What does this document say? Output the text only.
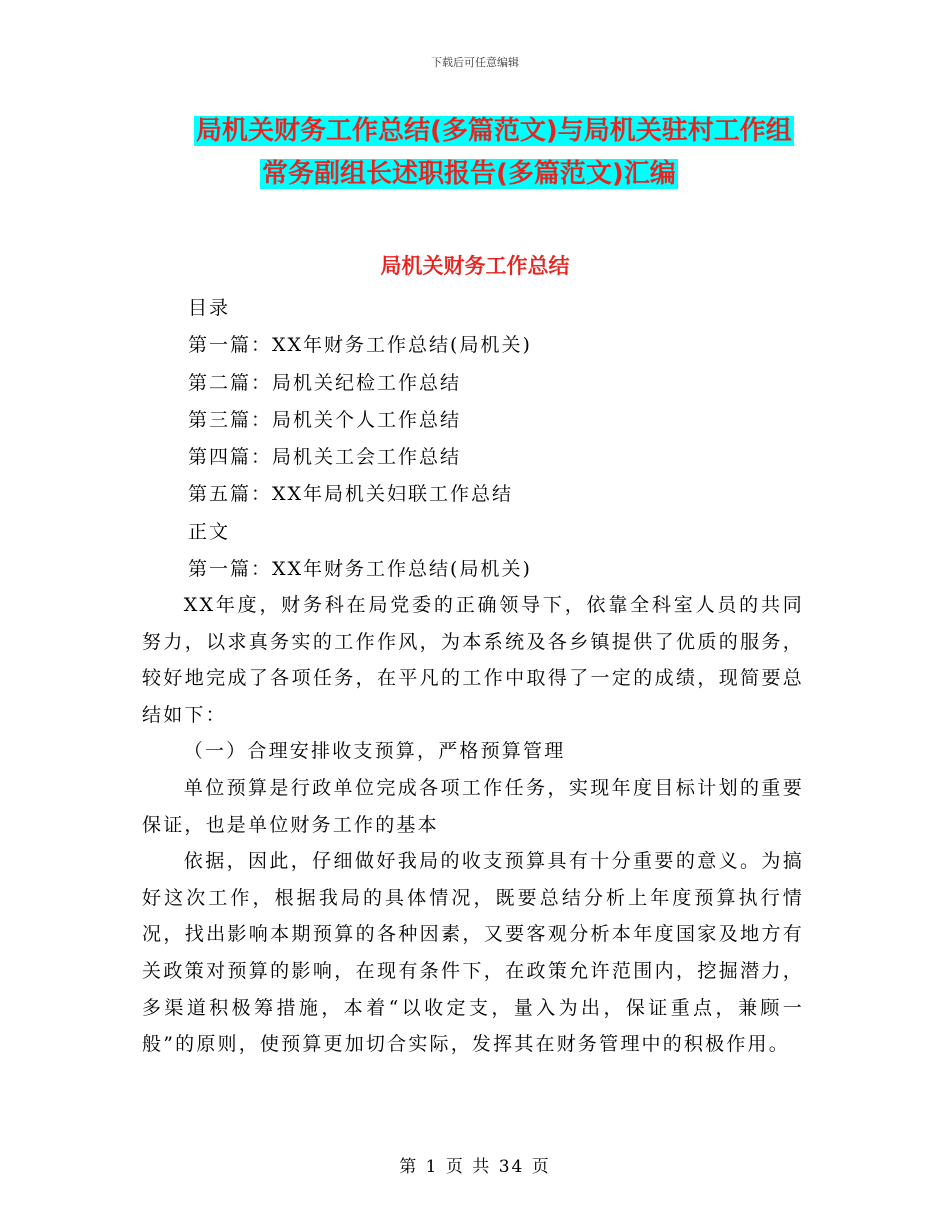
下载后可任意编辑
局机关财务工作总结(多篇范文)与局机关驻村工作组
常务副组长述职报告(多篇范文)汇编
局机关财务工作总结
目录
第一篇：XX年财务工作总结(局机关)
第二篇：局机关纪检工作总结
第三篇：局机关个人工作总结
第四篇：局机关工会工作总结
第五篇：XX年局机关妇联工作总结
正文
第一篇：XX年财务工作总结(局机关)

XX年度，财务科在局党委的正确领导下，依靠全科室人员的共同努力，以求真务实的工作作风，为本系统及各乡镇提供了优质的服务，较好地完成了各项任务，在平凡的工作中取得了一定的成绩，现简要总结如下：

（一）合理安排收支预算，严格预算管理

单位预算是行政单位完成各项工作任务，实现年度目标计划的重要保证，也是单位财务工作的基本

依据，因此，仔细做好我局的收支预算具有十分重要的意义。为搞好这次工作，根据我局的具体情况，既要总结分析上年度预算执行情况，找出影响本期预算的各种因素，又要客观分析本年度国家及地方有关政策对预算的影响，在现有条件下，在政策允许范围内，挖掘潜力，多渠道积极筹措施，本着“以收定支，量入为出，保证重点，兼顾一般”的原则，使预算更加切合实际，发挥其在财务管理中的积极作用。

第 1 页 共 34 页
